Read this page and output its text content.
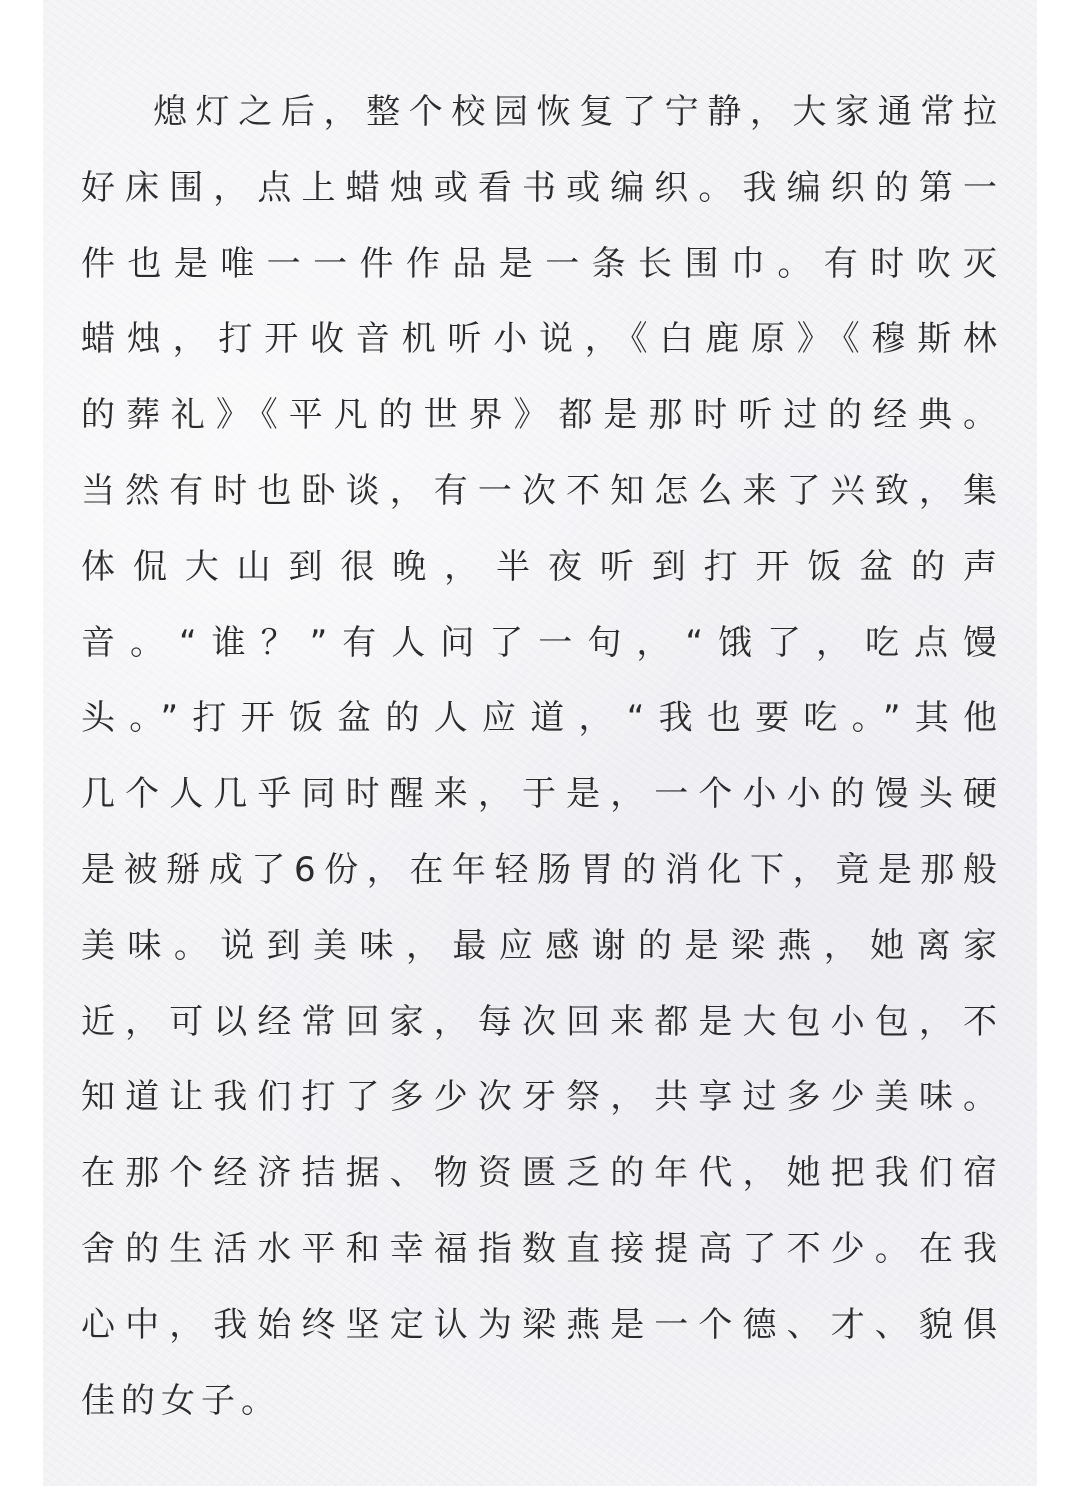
熄灯之后，整个校园恢复了宁静，大家通常拉
好床围，点上蜡烛或看书或编织。我编织的第一
件也是唯一一件作品是一条长围巾。有时吹灭
蜡烛，打开收音机听小说，《白鹿原》《穆斯林
的葬礼》《平凡的世界》都是那时听过的经典。
当然有时也卧谈，有一次不知怎么来了兴致，集
体侃大山到很晚，半夜听到打开饭盆的声
音。“谁？”有人问了一句，“饿了，吃点馒
头。”打开饭盆的人应道，“我也要吃。”其他
几个人几乎同时醒来，于是，一个小小的馒头硬
是被掰成了6份，在年轻肠胃的消化下，竟是那般
美味。说到美味，最应感谢的是梁燕，她离家
近，可以经常回家，每次回来都是大包小包，不
知道让我们打了多少次牙祭，共享过多少美味。
在那个经济拮据、物资匮乏的年代，她把我们宿
舍的生活水平和幸福指数直接提高了不少。在我
心中，我始终坚定认为梁燕是一个德、才、貌俱
佳的女子。
